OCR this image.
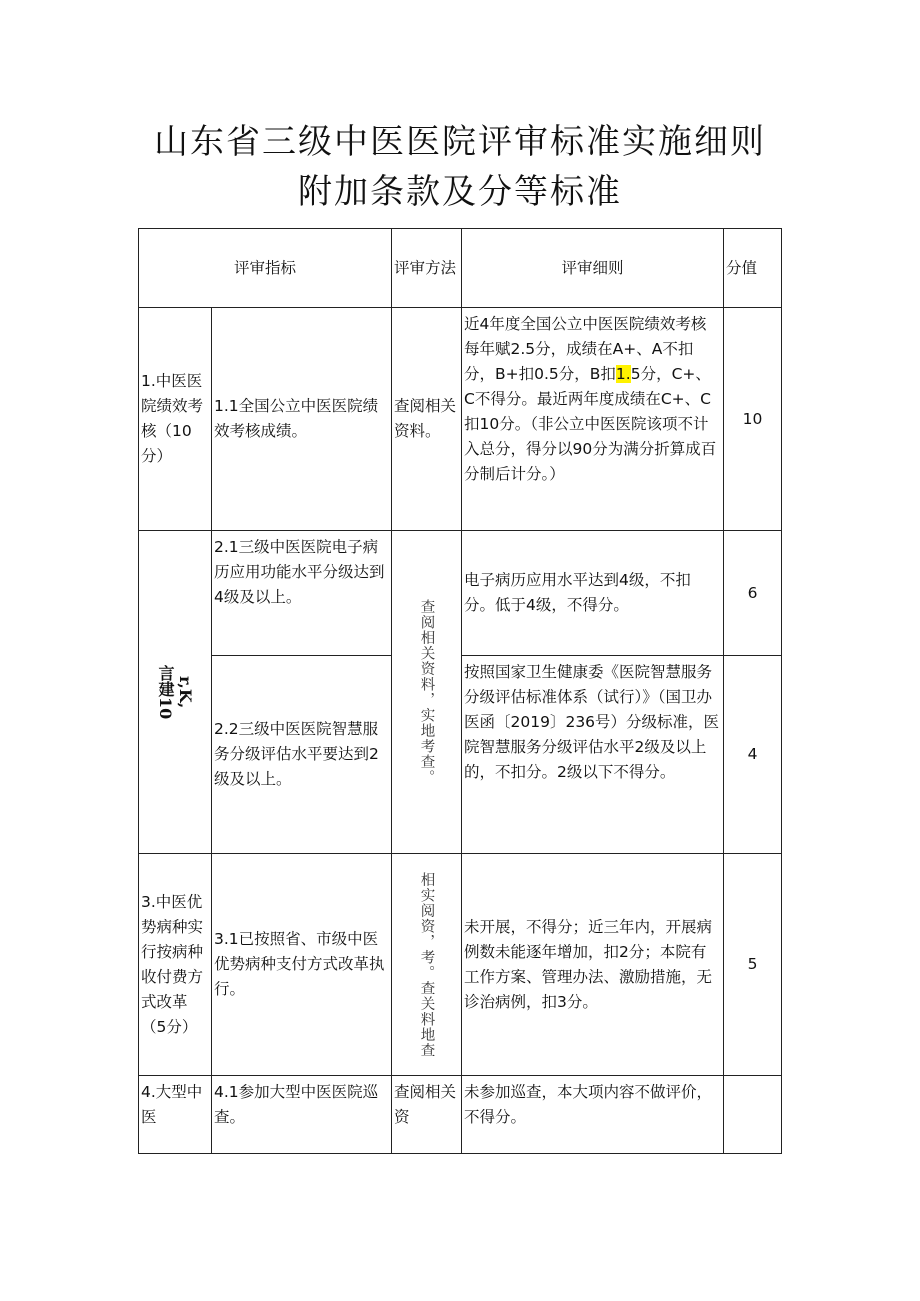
山东省三级中医医院评审标准实施细则
附加条款及分等标准
评审指标		评审方法	评审细则	分值
1.中医医院绩效考核（10分）	1.1全国公立中医医院绩效考核成绩。	查阅相关资料。	近4年度全国公立中医医院绩效考核每年赋2.5分，成绩在A+、A不扣分，B+扣0.5分，B扣1.5分，C+、C不得分。最近两年度成绩在C+、C扣10分。（非公立中医医院该项不计入总分，得分以90分为满分折算成百分制后计分。）	10

言建10 r,K,	2.1三级中医医院电子病历应用功能水平分级达到4级及以上。	查阅相关资料，实地考查。	电子病历应用水平达到4级，不扣分。低于4级，不得分。	6
	2.2三级中医医院智慧服务分级评估水平要达到2级及以上。		按照国家卫生健康委《医院智慧服务分级评估标准体系（试行）》（国卫办医函〔2019〕236号）分级标准，医院智慧服务分级评估水平2级及以上的，不扣分。2级以下不得分。	4
3.中医优势病种实行按病种收付费方式改革（5分）	3.1已按照省、市级中医优势病种支付方式改革执行。	相实阅资，考。查关料地查	未开展，不得分；近三年内，开展病例数未能逐年增加，扣2分；本院有工作方案、管理办法、激励措施，无诊治病例，扣3分。	5
4.大型中医	4.1参加大型中医医院巡查。	查阅相关资	未参加巡查，本大项内容不做评价，不得分。	
